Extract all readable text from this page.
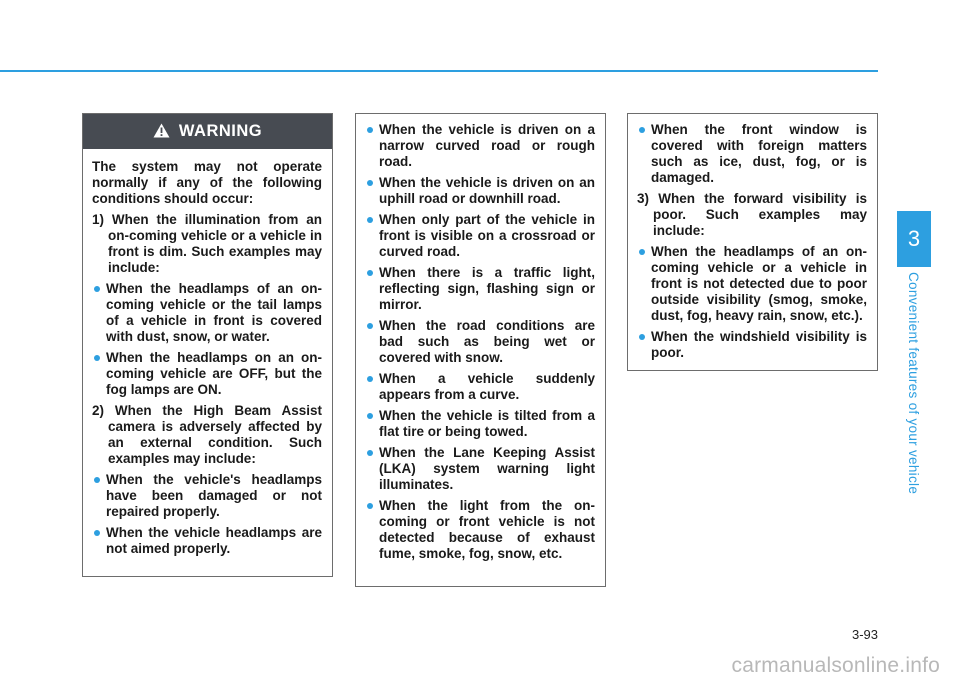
3
Convenient features of your vehicle
WARNING

The system may not operate normally if any of the following conditions should occur:

1) When the illumination from an on-coming vehicle or a vehicle in front is dim. Such examples may include:

When the headlamps of an on-coming vehicle or the tail lamps of a vehicle in front is covered with dust, snow, or water.

When the headlamps on an on-coming vehicle are OFF, but the fog lamps are ON.

2) When the High Beam Assist camera is adversely affected by an external condition. Such examples may include:

When the vehicle's headlamps have been damaged or not repaired properly.

When the vehicle headlamps are not aimed properly.

When the vehicle is driven on a narrow curved road or rough road.

When the vehicle is driven on an uphill road or downhill road.

When only part of the vehicle in front is visible on a crossroad or curved road.

When there is a traffic light, reflecting sign, flashing sign or mirror.

When the road conditions are bad such as being wet or covered with snow.

When a vehicle suddenly appears from a curve.

When the vehicle is tilted from a flat tire or being towed.

When the Lane Keeping Assist (LKA) system warning light illuminates.

When the light from the on-coming or front vehicle is not detected because of exhaust fume, smoke, fog, snow, etc.

When the front window is covered with foreign matters such as ice, dust, fog, or is damaged.

3) When the forward visibility is poor. Such examples may include:

When the headlamps of an on-coming vehicle or a vehicle in front is not detected due to poor outside visibility (smog, smoke, dust, fog, heavy rain, snow, etc.).

When the windshield visibility is poor.

3-93
carmanualsonline.info
